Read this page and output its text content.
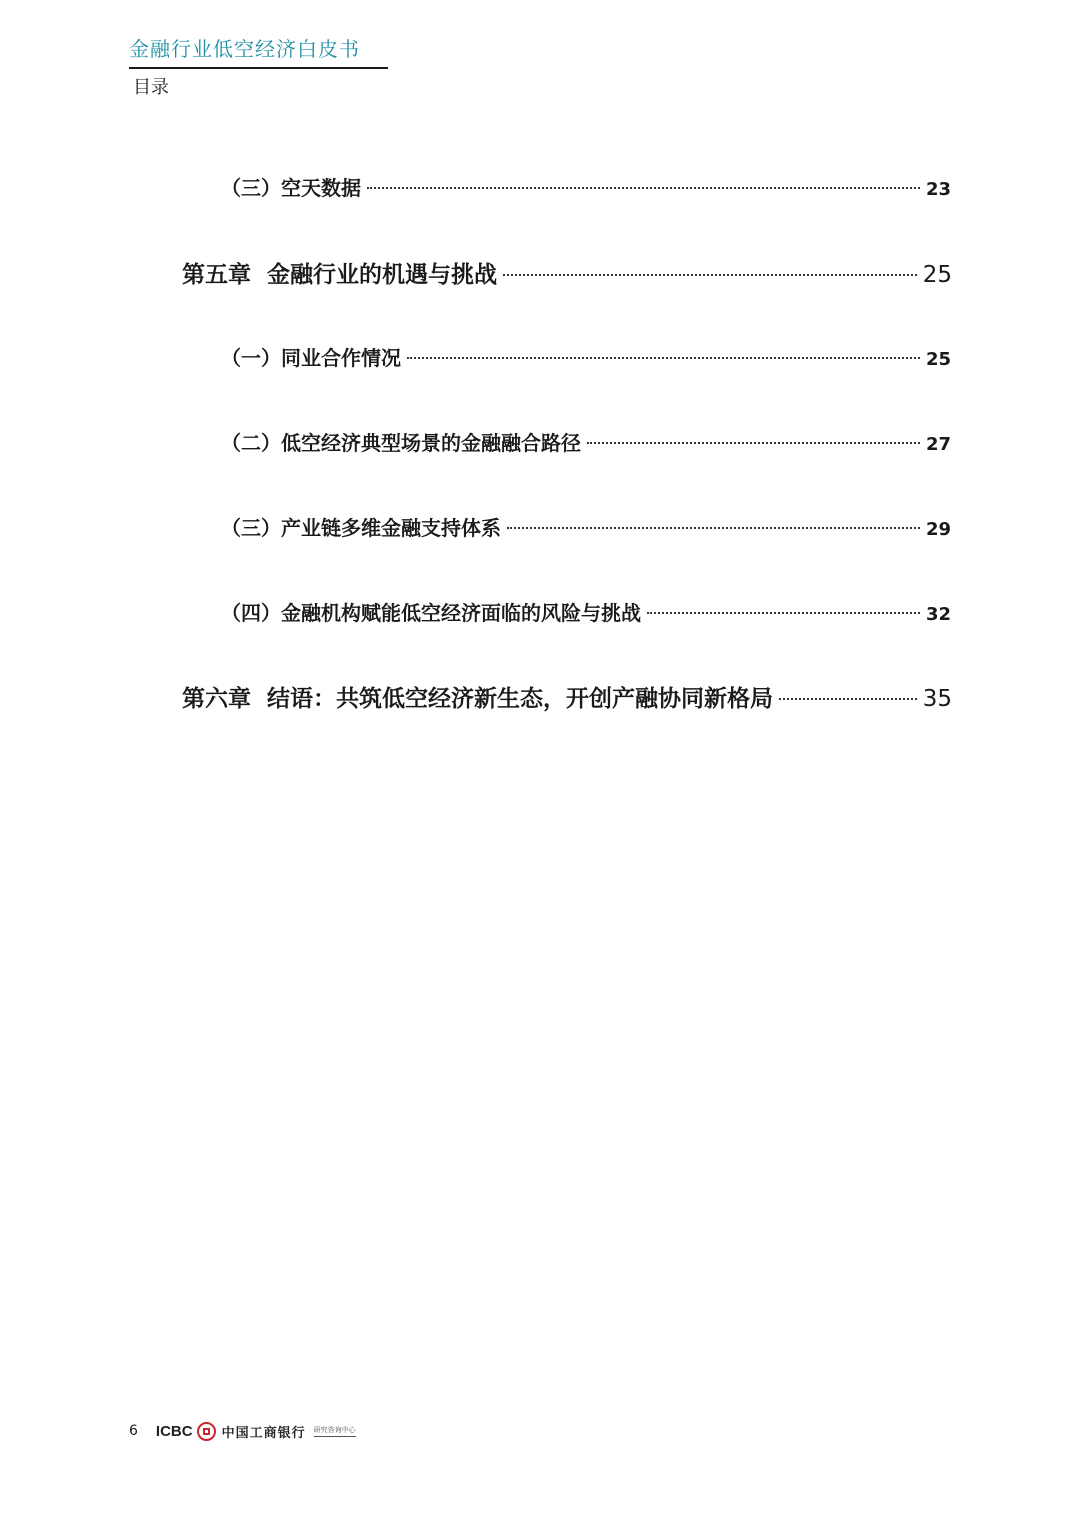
金融行业低空经济白皮书
目录
（三）空天数据	23
第五章 金融行业的机遇与挑战	25
（一）同业合作情况	25
（二）低空经济典型场景的金融融合路径	27
（三）产业链多维金融支持体系	29
（四）金融机构赋能低空经济面临的风险与挑战	32
第六章 结语：共筑低空经济新生态，开创产融协同新格局	35
6 ICBC 中国工商银行 研究咨询中心
